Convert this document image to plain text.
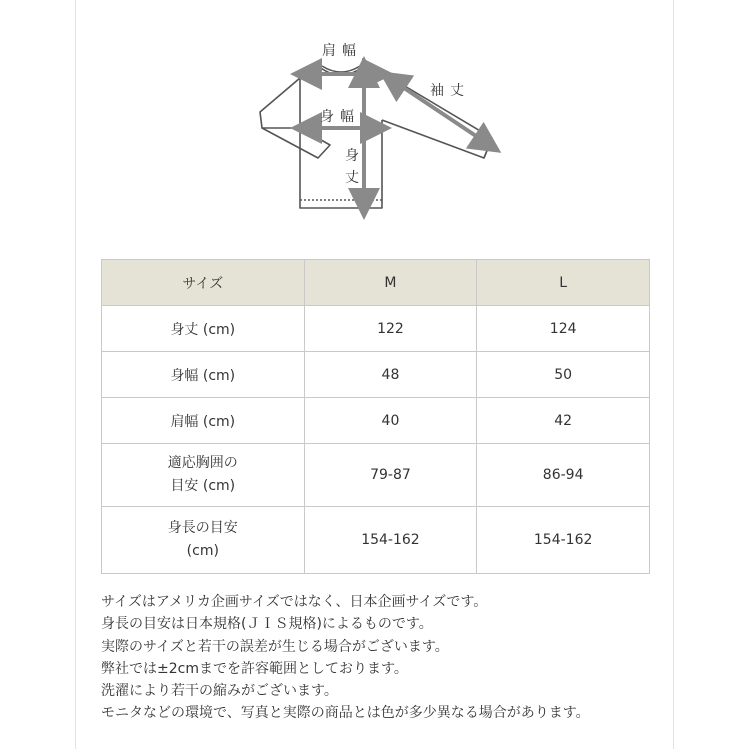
肩幅
袖丈
身幅
身丈
サイズ	M	L
身丈 (cm)	122	124
身幅 (cm)	48	50
肩幅 (cm)	40	42
適応胸囲の
目安 (cm)	79-87	86-94
身長の目安
(cm)	154-162	154-162

サイズはアメリカ企画サイズではなく、日本企画サイズです。

身長の目安は日本規格(ＪＩＳ規格)によるものです。

実際のサイズと若干の誤差が生じる場合がございます。

弊社では±2cmまでを許容範囲としております。

洗濯により若干の縮みがございます。

モニタなどの環境で、写真と実際の商品とは色が多少異なる場合があります。
